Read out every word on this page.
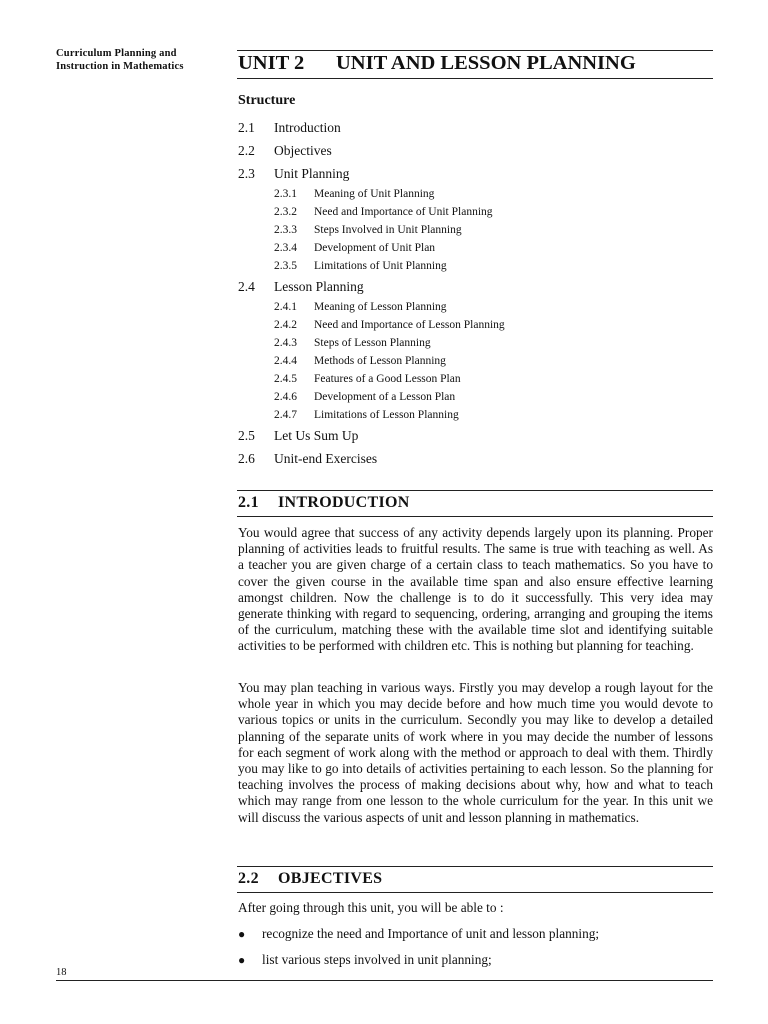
Curriculum Planning and
Instruction in Mathematics	UNIT 2 UNIT AND LESSON PLANNING
Structure
2.1 Introduction
2.2 Objectives
2.3 Unit Planning
2.3.1 Meaning of Unit Planning
2.3.2 Need and Importance of Unit Planning
2.3.3 Steps Involved in Unit Planning
2.3.4 Development of Unit Plan
2.3.5 Limitations of Unit Planning
2.4 Lesson Planning
2.4.1 Meaning of Lesson Planning
2.4.2 Need and Importance of Lesson Planning
2.4.3 Steps of Lesson Planning
2.4.4 Methods of Lesson Planning
2.4.5 Features of a Good Lesson Plan
2.4.6 Development of a Lesson Plan
2.4.7 Limitations of Lesson Planning
2.5 Let Us Sum Up
2.6 Unit-end Exercises
2.1 INTRODUCTION
You would agree that success of any activity depends largely upon its planning. Proper planning of activities leads to fruitful results. The same is true with teaching as well. As a teacher you are given charge of a certain class to teach mathematics. So you have to cover the given course in the available time span and also ensure effective learning amongst children. Now the challenge is to do it successfully. This very idea may generate thinking with regard to sequencing, ordering, arranging and grouping the items of the curriculum, matching these with the available time slot and identifying suitable activities to be performed with children etc. This is nothing but planning for teaching.
You may plan teaching in various ways. Firstly you may develop a rough layout for the whole year in which you may decide before and how much time you would devote to various topics or units in the curriculum. Secondly you may like to develop a detailed planning of the separate units of work where in you may decide the number of lessons for each segment of work along with the method or approach to deal with them. Thirdly you may like to go into details of activities pertaining to each lesson. So the planning for teaching involves the process of making decisions about why, how and what to teach which may range from one lesson to the whole curriculum for the year. In this unit we will discuss the various aspects of unit and lesson planning in mathematics.
2.2 OBJECTIVES
After going through this unit, you will be able to :
● recognize the need and Importance of unit and lesson planning;
● list various steps involved in unit planning;
18
